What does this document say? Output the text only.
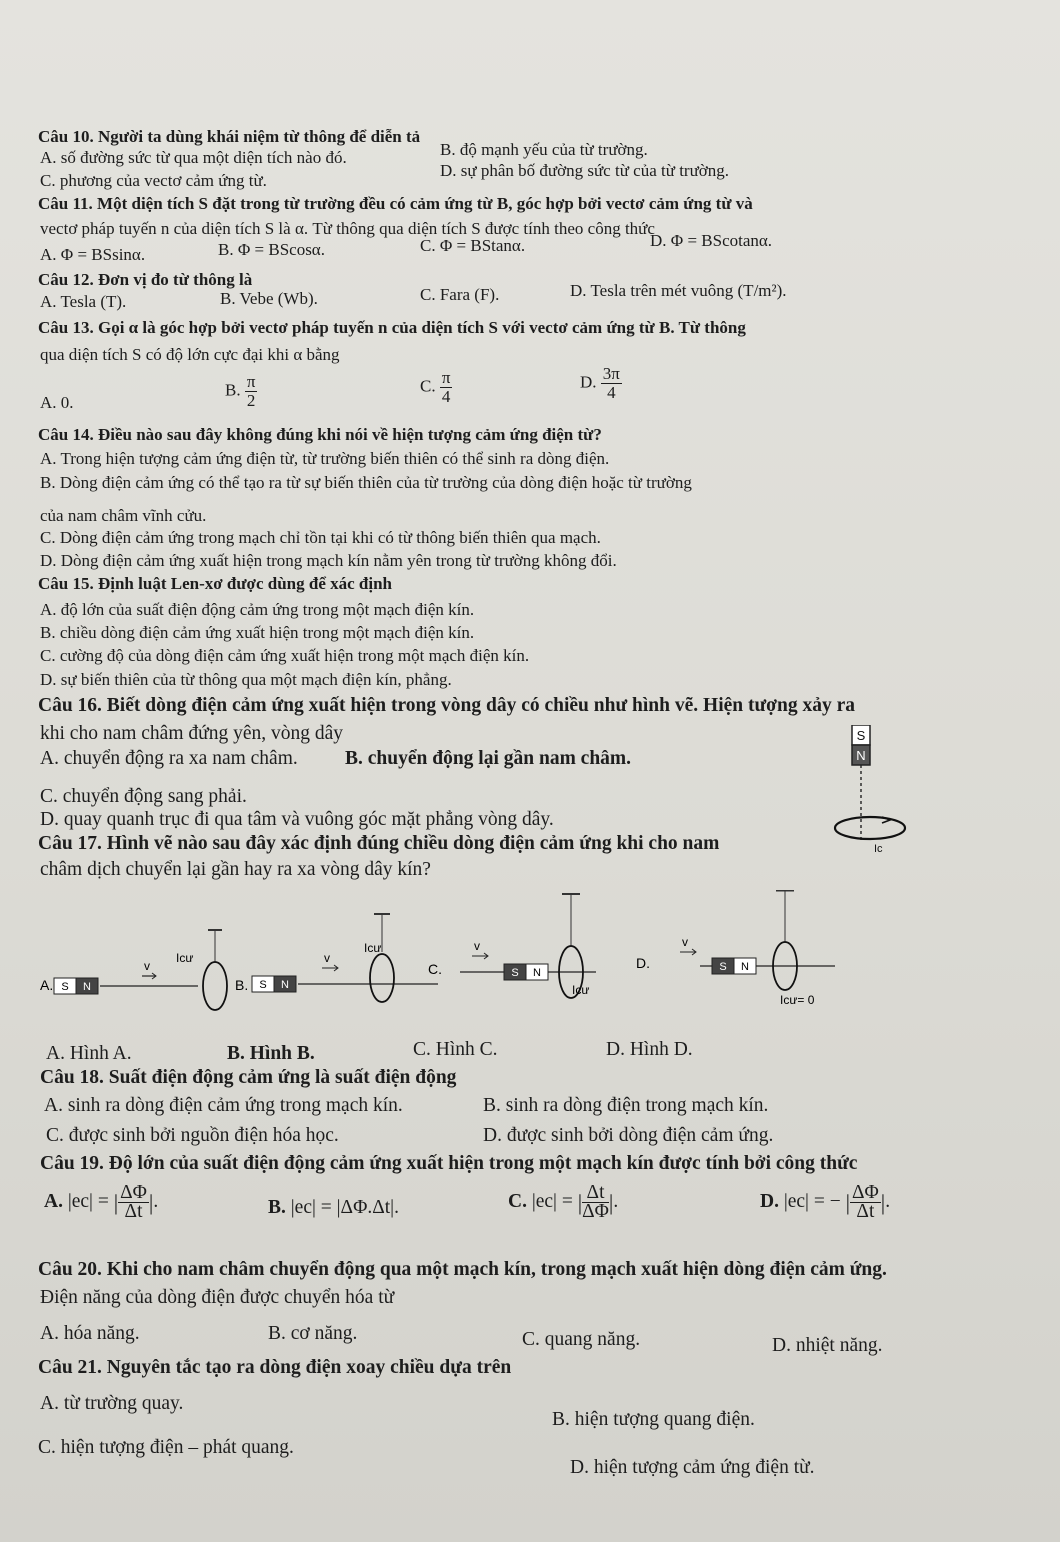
Câu 10. Người ta dùng khái niệm từ thông để diễn tả
A. số đường sức từ qua một diện tích nào đó.	B. độ mạnh yếu của từ trường.
C. phương của vectơ cảm ứng từ.
D. sự phân bố đường sức từ của từ trường.
Câu 11. Một diện tích S đặt trong từ trường đều có cảm ứng từ B, góc hợp bởi vectơ cảm ứng từ và
vectơ pháp tuyến n của diện tích S là α. Từ thông qua diện tích S được tính theo công thức
A. Φ = BSsinα.	B. Φ = BScosα.	C. Φ = BStanα.	D. Φ = BScotanα.
Câu 12. Đơn vị đo từ thông là
A. Tesla (T).	B. Vebe (Wb).	C. Fara (F).	D. Tesla trên mét vuông (T/m²).
Câu 13. Gọi α là góc hợp bởi vectơ pháp tuyến n của diện tích S với vectơ cảm ứng từ B. Từ thông
qua diện tích S có độ lớn cực đại khi α bằng
A. 0.
B. $\frac{\pi}{2}$	C. $\frac{\pi}{4}$	D. $\frac{3\pi}{4}$
Câu 14. Điều nào sau đây không đúng khi nói về hiện tượng cảm ứng điện từ?
A. Trong hiện tượng cảm ứng điện từ, từ trường biến thiên có thể sinh ra dòng điện.
B. Dòng điện cảm ứng có thể tạo ra từ sự biến thiên của từ trường của dòng điện hoặc từ trường
của nam châm vĩnh cửu.
C. Dòng điện cảm ứng trong mạch chỉ tồn tại khi có từ thông biến thiên qua mạch.
D. Dòng điện cảm ứng xuất hiện trong mạch kín nằm yên trong từ trường không đổi.
Câu 15. Định luật Len-xơ được dùng để xác định
A. độ lớn của suất điện động cảm ứng trong một mạch điện kín.
B. chiều dòng điện cảm ứng xuất hiện trong một mạch điện kín.
C. cường độ của dòng điện cảm ứng xuất hiện trong một mạch điện kín.
D. sự biến thiên của từ thông qua một mạch điện kín, phẳng.
Câu 16. Biết dòng điện cảm ứng xuất hiện trong vòng dây có chiều như hình vẽ. Hiện tượng xảy ra
khi cho nam châm đứng yên, vòng dây
A. chuyển động ra xa nam châm. B. chuyển động lại gần nam châm.
C. chuyển động sang phải.
D. quay quanh trục đi qua tâm và vuông góc mặt phẳng vòng dây.
S
N
Ic
Câu 17. Hình vẽ nào sau đây xác định đúng chiều dòng điện cảm ứng khi cho nam
châm dịch chuyển lại gần hay ra xa vòng dây kín?
A. S N
v
Icư
B. S N
v
Icư
C.
v
S N
Icư
D.
v
S N
Icư= 0
A. Hình A.	B. Hình B.	C. Hình C.	D. Hình D.
Câu 18. Suất điện động cảm ứng là suất điện động
A. sinh ra dòng điện cảm ứng trong mạch kín.	B. sinh ra dòng điện trong mạch kín.
C. được sinh bởi nguồn điện hóa học.	D. được sinh bởi dòng điện cảm ứng.
Câu 19. Độ lớn của suất điện động cảm ứng xuất hiện trong một mạch kín được tính bởi công thức
A. |ec| = | $\frac{\Delta\Phi}{\Delta t}$ |.	B. |ec| = |ΔΦ.Δt|.	C. |ec| = | $\frac{\Delta t}{\Delta\Phi}$ |.	D. |ec| = − | $\frac{\Delta\Phi}{\Delta t}$ |.
Câu 20. Khi cho nam châm chuyển động qua một mạch kín, trong mạch xuất hiện dòng điện cảm ứng.
Điện năng của dòng điện được chuyển hóa từ
A. hóa năng.	B. cơ năng.	C. quang năng.	D. nhiệt năng.
Câu 21. Nguyên tắc tạo ra dòng điện xoay chiều dựa trên
A. từ trường quay.
B. hiện tượng quang điện.
C. hiện tượng điện – phát quang.
D. hiện tượng cảm ứng điện từ.
